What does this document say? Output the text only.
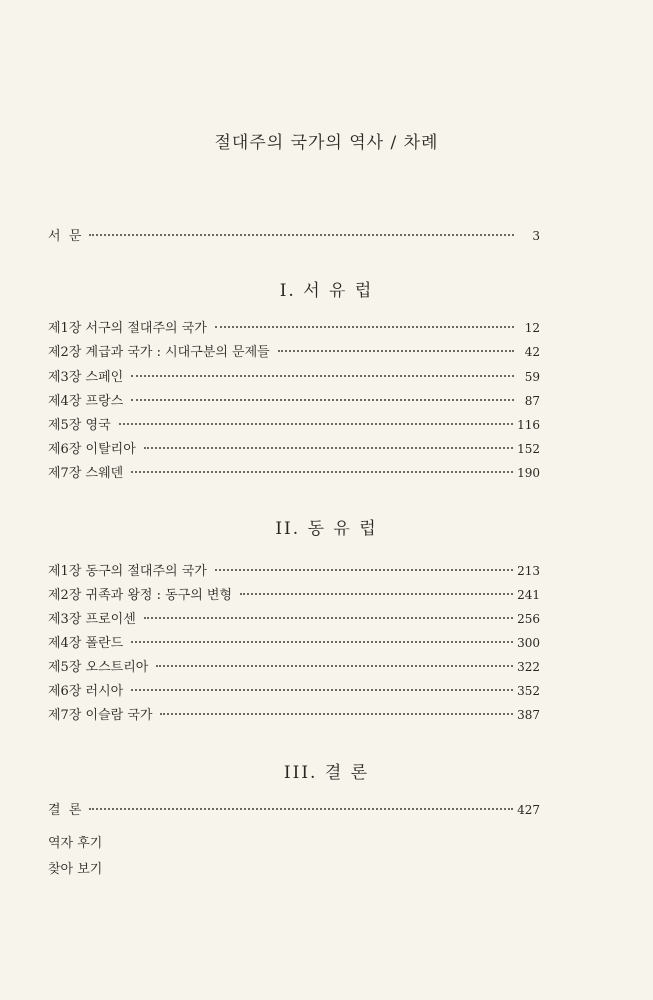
절대주의 국가의 역사 / 차례
서  문	3
I. 서 유 럽
제1장 서구의 절대주의 국가	12
제2장 계급과 국가 : 시대구분의 문제들	42
제3장 스페인	59
제4장 프랑스	87
제5장 영국	116
제6장 이탈리아	152
제7장 스웨덴	190
II. 동 유 럽
제1장 동구의 절대주의 국가	213
제2장 귀족과 왕정 : 동구의 변형	241
제3장 프로이센	256
제4장 폴란드	300
제5장 오스트리아	322
제6장 러시아	352
제7장 이슬람 국가	387
III. 결 론
결  론	427
역자 후기
찾아 보기
